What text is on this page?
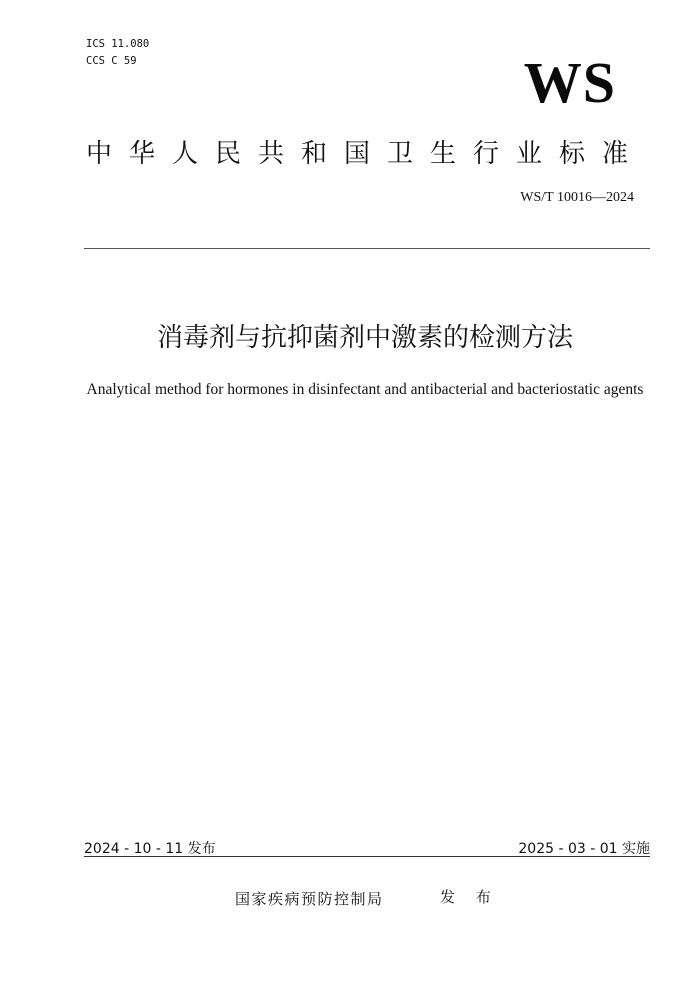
ICS 11.080
CCS C 59	WS
中华人民共和国卫生行业标准
WS/T 10016—2024
消毒剂与抗抑菌剂中激素的检测方法
Analytical method for hormones in disinfectant and antibacterial and bacteriostatic agents
2024 - 10 - 11 发布	2025 - 03 - 01 实施
国家疾病预防控制局	发 布
